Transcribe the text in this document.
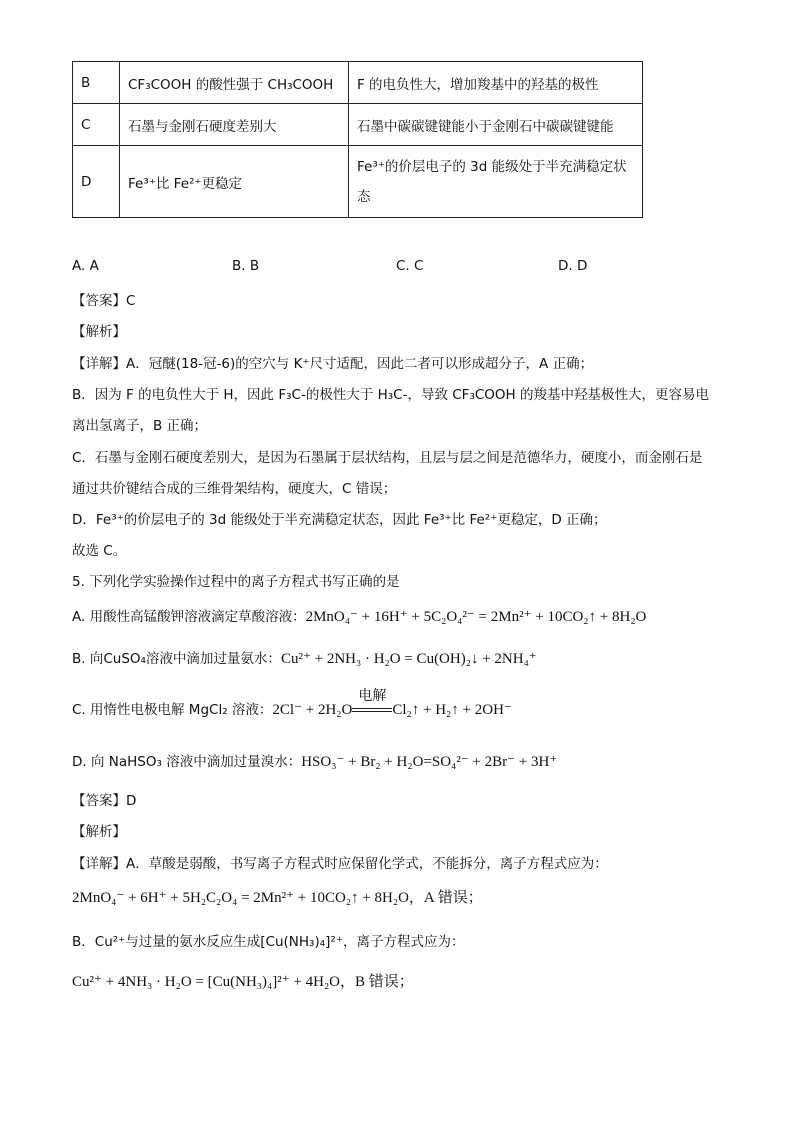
B	CF₃COOH 的酸性强于 CH₃COOH	F 的电负性大，增加羧基中的羟基的极性
C	石墨与金刚石硬度差别大	石墨中碳碳键键能小于金刚石中碳碳键键能
D	Fe³⁺比 Fe²⁺更稳定	Fe³⁺的价层电子的 3d 能级处于半充满稳定状
态
A. A	B. B	C. C	D. D
【答案】C
【解析】
【详解】A．冠醚(18-冠-6)的空穴与 K⁺尺寸适配，因此二者可以形成超分子，A 正确；
B．因为 F 的电负性大于 H，因此 F₃C-的极性大于 H₃C-，导致 CF₃COOH 的羧基中羟基极性大，更容易电
离出氢离子，B 正确；
C．石墨与金刚石硬度差别大，是因为石墨属于层状结构，且层与层之间是范德华力，硬度小，而金刚石是
通过共价键结合成的三维骨架结构，硬度大，C 错误；
D．Fe³⁺的价层电子的 3d 能级处于半充满稳定状态，因此 Fe³⁺比 Fe²⁺更稳定，D 正确；
故选 C。
5. 下列化学实验操作过程中的离子方程式书写正确的是
A. 用酸性高锰酸钾溶液滴定草酸溶液：2MnO₄⁻ + 16H⁺ + 5C₂O₄²⁻ = 2Mn²⁺ + 10CO₂↑ + 8H₂O
B. 向CuSO₄溶液中滴加过量氨水：Cu²⁺ + 2NH₃ · H₂O = Cu(OH)₂↓ + 2NH₄⁺
C. 用惰性电极电解 MgCl₂ 溶液：2Cl⁻ + 2H₂O
电解
Cl₂↑ + H₂↑ + 2OH⁻
D. 向 NaHSO₃ 溶液中滴加过量溴水：HSO₃⁻ + Br₂ + H₂O=SO₄²⁻ + 2Br⁻ + 3H⁺
【答案】D
【解析】
【详解】A．草酸是弱酸，书写离子方程式时应保留化学式，不能拆分，离子方程式应为：
2MnO₄⁻ + 6H⁺ + 5H₂C₂O₄ = 2Mn²⁺ + 10CO₂↑ + 8H₂O，A 错误；
B．Cu²⁺与过量的氨水反应生成[Cu(NH₃)₄]²⁺，离子方程式应为：
Cu²⁺ + 4NH₃ · H₂O = [Cu(NH₃)₄]²⁺ + 4H₂O，B 错误；
